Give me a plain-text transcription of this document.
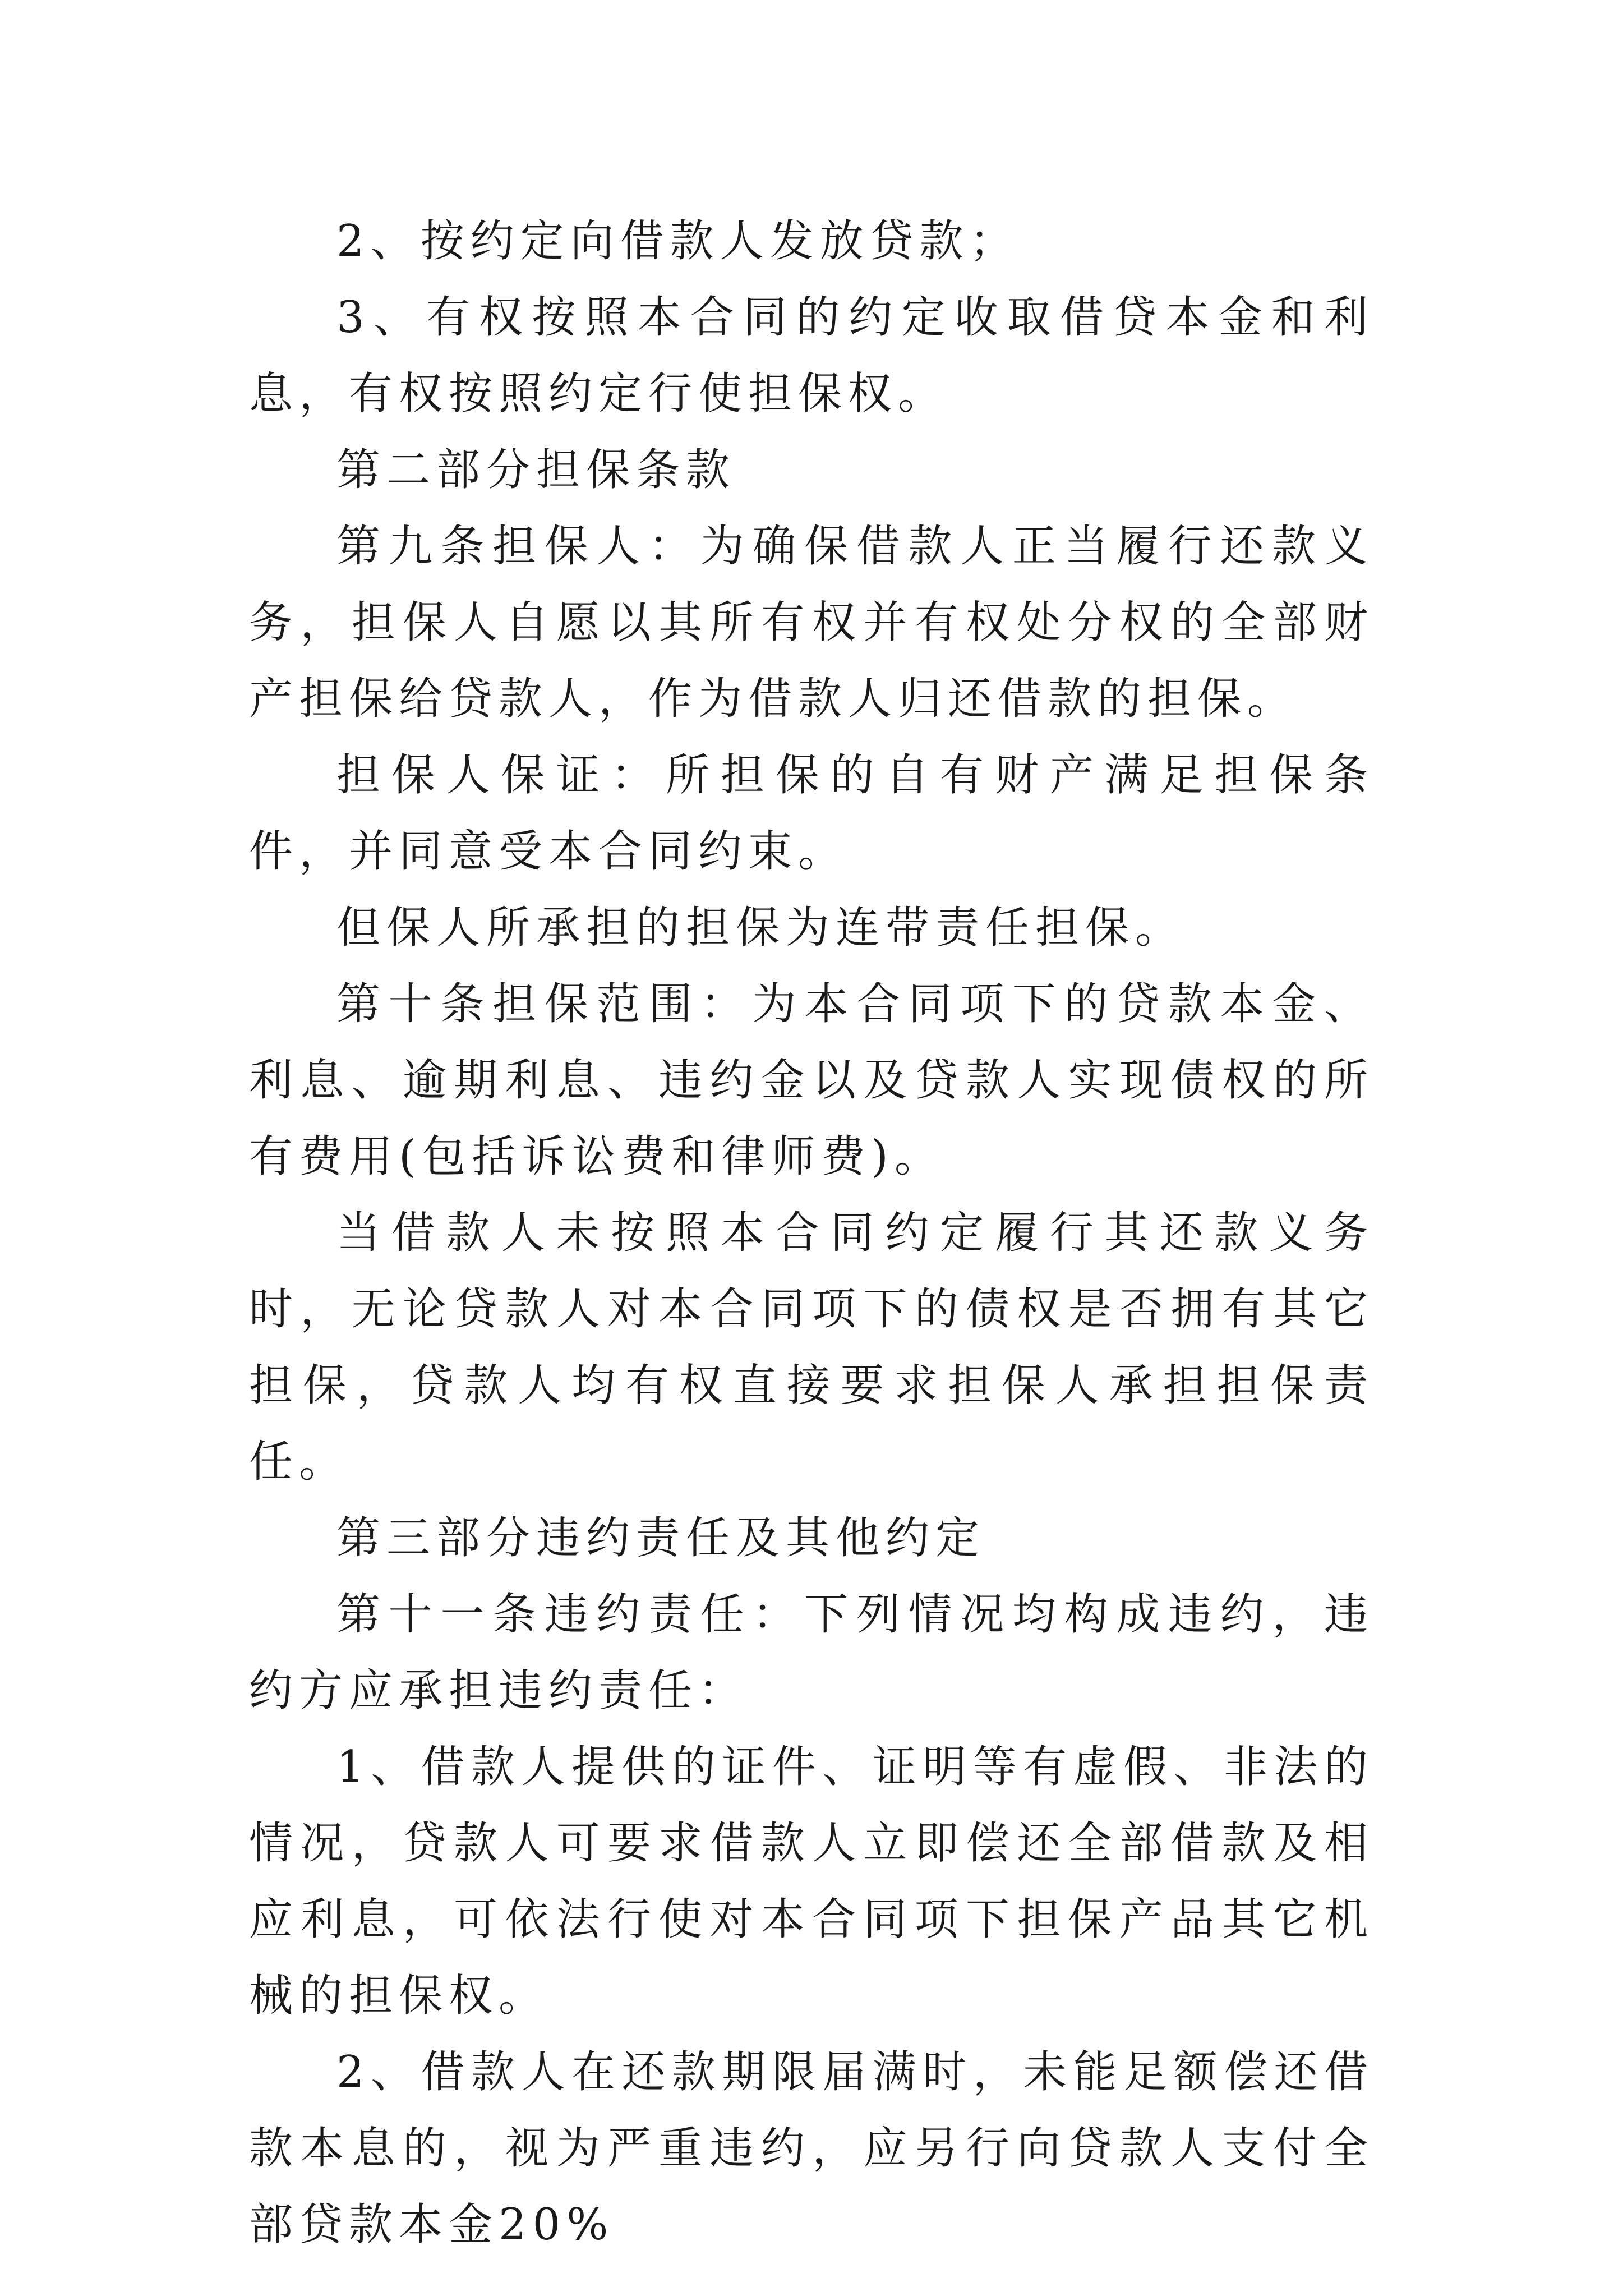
2、按约定向借款人发放贷款；

3、有权按照本合同的约定收取借贷本金和利息，有权按照约定行使担保权。

第二部分担保条款

第九条担保人：为确保借款人正当履行还款义务，担保人自愿以其所有权并有权处分权的全部财产担保给贷款人，作为借款人归还借款的担保。

担保人保证：所担保的自有财产满足担保条件，并同意受本合同约束。

但保人所承担的担保为连带责任担保。

第十条担保范围：为本合同项下的贷款本金、利息、逾期利息、违约金以及贷款人实现债权的所有费用(包括诉讼费和律师费)。

当借款人未按照本合同约定履行其还款义务时，无论贷款人对本合同项下的债权是否拥有其它担保，贷款人均有权直接要求担保人承担担保责任。

第三部分违约责任及其他约定

第十一条违约责任：下列情况均构成违约，违约方应承担违约责任：

1、借款人提供的证件、证明等有虚假、非法的情况，贷款人可要求借款人立即偿还全部借款及相应利息，可依法行使对本合同项下担保产品其它机械的担保权。

2、借款人在还款期限届满时，未能足额偿还借款本息的，视为严重违约，应另行向贷款人支付全部贷款本金20%
